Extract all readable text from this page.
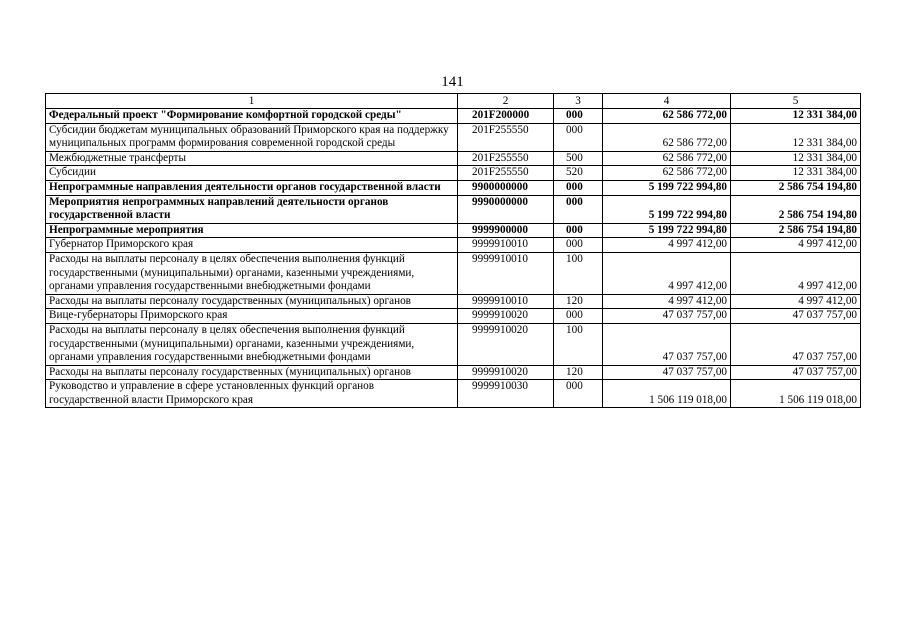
141
1	2	3	4	5
Федеральный проект "Формирование комфортной городской среды"	201F200000	000	62 586 772,00	12 331 384,00
Субсидии бюджетам муниципальных образований Приморского края на поддержку муниципальных программ формирования современной городской среды	201F255550	000	62 586 772,00	12 331 384,00
Межбюджетные трансферты	201F255550	500	62 586 772,00	12 331 384,00
Субсидии	201F255550	520	62 586 772,00	12 331 384,00
Непрограммные направления деятельности органов государственной власти	9900000000	000	5 199 722 994,80	2 586 754 194,80
Мероприятия непрограммных направлений деятельности органов государственной власти	9990000000	000	5 199 722 994,80	2 586 754 194,80
Непрограммные мероприятия	9999900000	000	5 199 722 994,80	2 586 754 194,80
Губернатор Приморского края	9999910010	000	4 997 412,00	4 997 412,00
Расходы на выплаты персоналу в целях обеспечения выполнения функций государственными (муниципальными) органами, казенными учреждениями, органами управления государственными внебюджетными фондами	9999910010	100	4 997 412,00	4 997 412,00
Расходы на выплаты персоналу государственных (муниципальных) органов	9999910010	120	4 997 412,00	4 997 412,00
Вице-губернаторы Приморского края	9999910020	000	47 037 757,00	47 037 757,00
Расходы на выплаты персоналу в целях обеспечения выполнения функций государственными (муниципальными) органами, казенными учреждениями, органами управления государственными внебюджетными фондами	9999910020	100	47 037 757,00	47 037 757,00
Расходы на выплаты персоналу государственных (муниципальных) органов	9999910020	120	47 037 757,00	47 037 757,00
Руководство и управление в сфере установленных функций органов государственной власти Приморского края	9999910030	000	1 506 119 018,00	1 506 119 018,00
